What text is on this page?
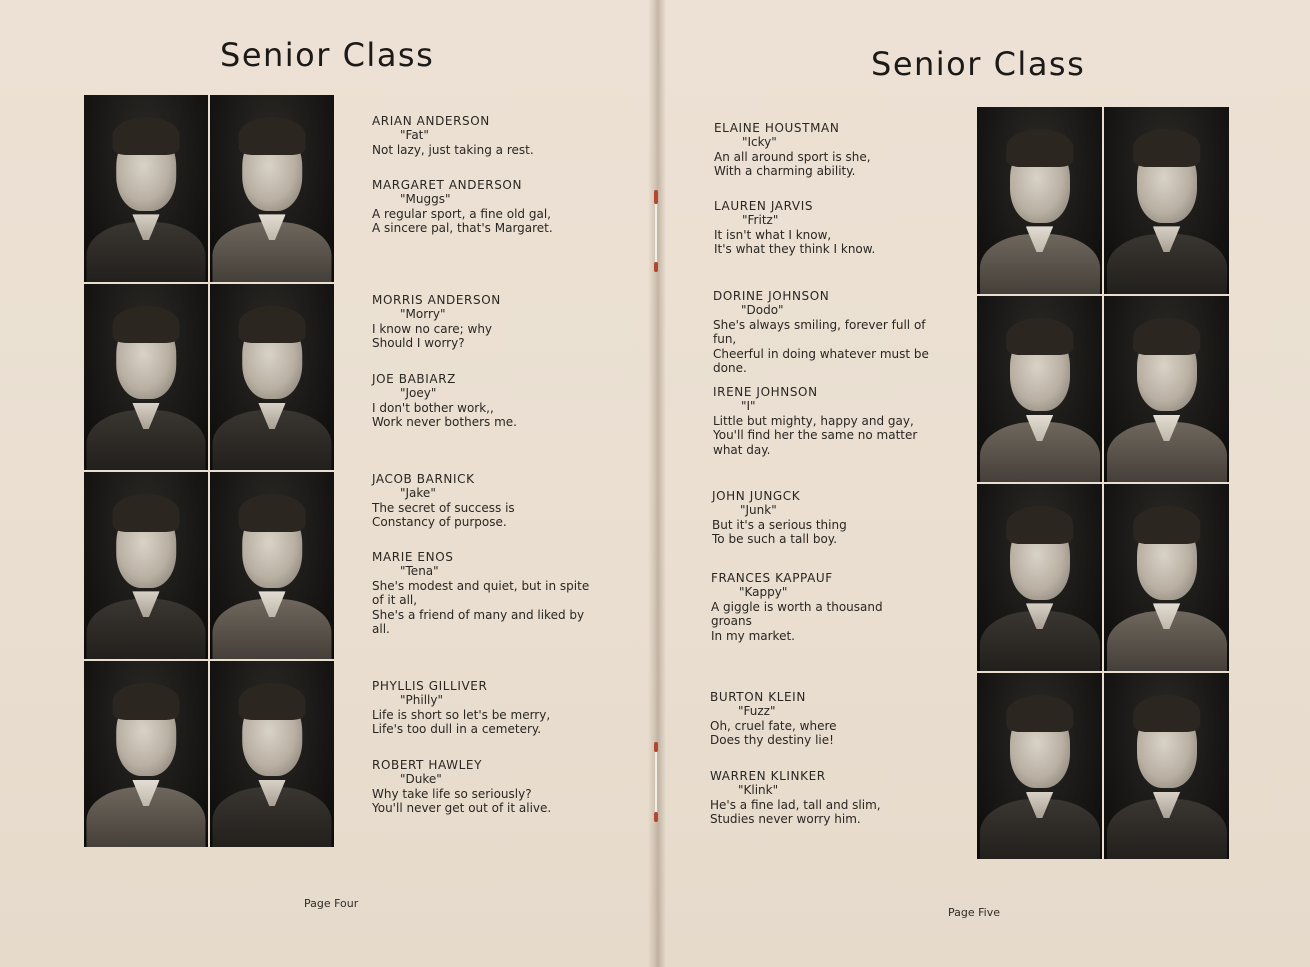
Senior Class
ARIAN ANDERSON
"Fat"
Not lazy, just taking a rest.
MARGARET ANDERSON
"Muggs"
A regular sport, a fine old gal,
A sincere pal, that's Margaret.
MORRIS ANDERSON
"Morry"
I know no care; why
Should I worry?
JOE BABIARZ
"Joey"
I don't bother work,,
Work never bothers me.
JACOB BARNICK
"Jake"
The secret of success is
Constancy of purpose.
MARIE ENOS
"Tena"
She's modest and quiet, but in spite
of it all,
She's a friend of many and liked by
all.
PHYLLIS GILLIVER
"Philly"
Life is short so let's be merry,
Life's too dull in a cemetery.
ROBERT HAWLEY
"Duke"
Why take life so seriously?
You'll never get out of it alive.
Page Four
Senior Class
ELAINE HOUSTMAN
"Icky"
An all around sport is she,
With a charming ability.
LAUREN JARVIS
"Fritz"
It isn't what I know,
It's what they think I know.
DORINE JOHNSON
"Dodo"
She's always smiling, forever full of
fun,
Cheerful in doing whatever must be
done.
IRENE JOHNSON
"I"
Little but mighty, happy and gay,
You'll find her the same no matter
what day.
JOHN JUNGCK
"Junk"
But it's a serious thing
To be such a tall boy.
FRANCES KAPPAUF
"Kappy"
A giggle is worth a thousand
groans
In my market.
BURTON KLEIN
"Fuzz"
Oh, cruel fate, where
Does thy destiny lie!
WARREN KLINKER
"Klink"
He's a fine lad, tall and slim,
Studies never worry him.
Page Five
